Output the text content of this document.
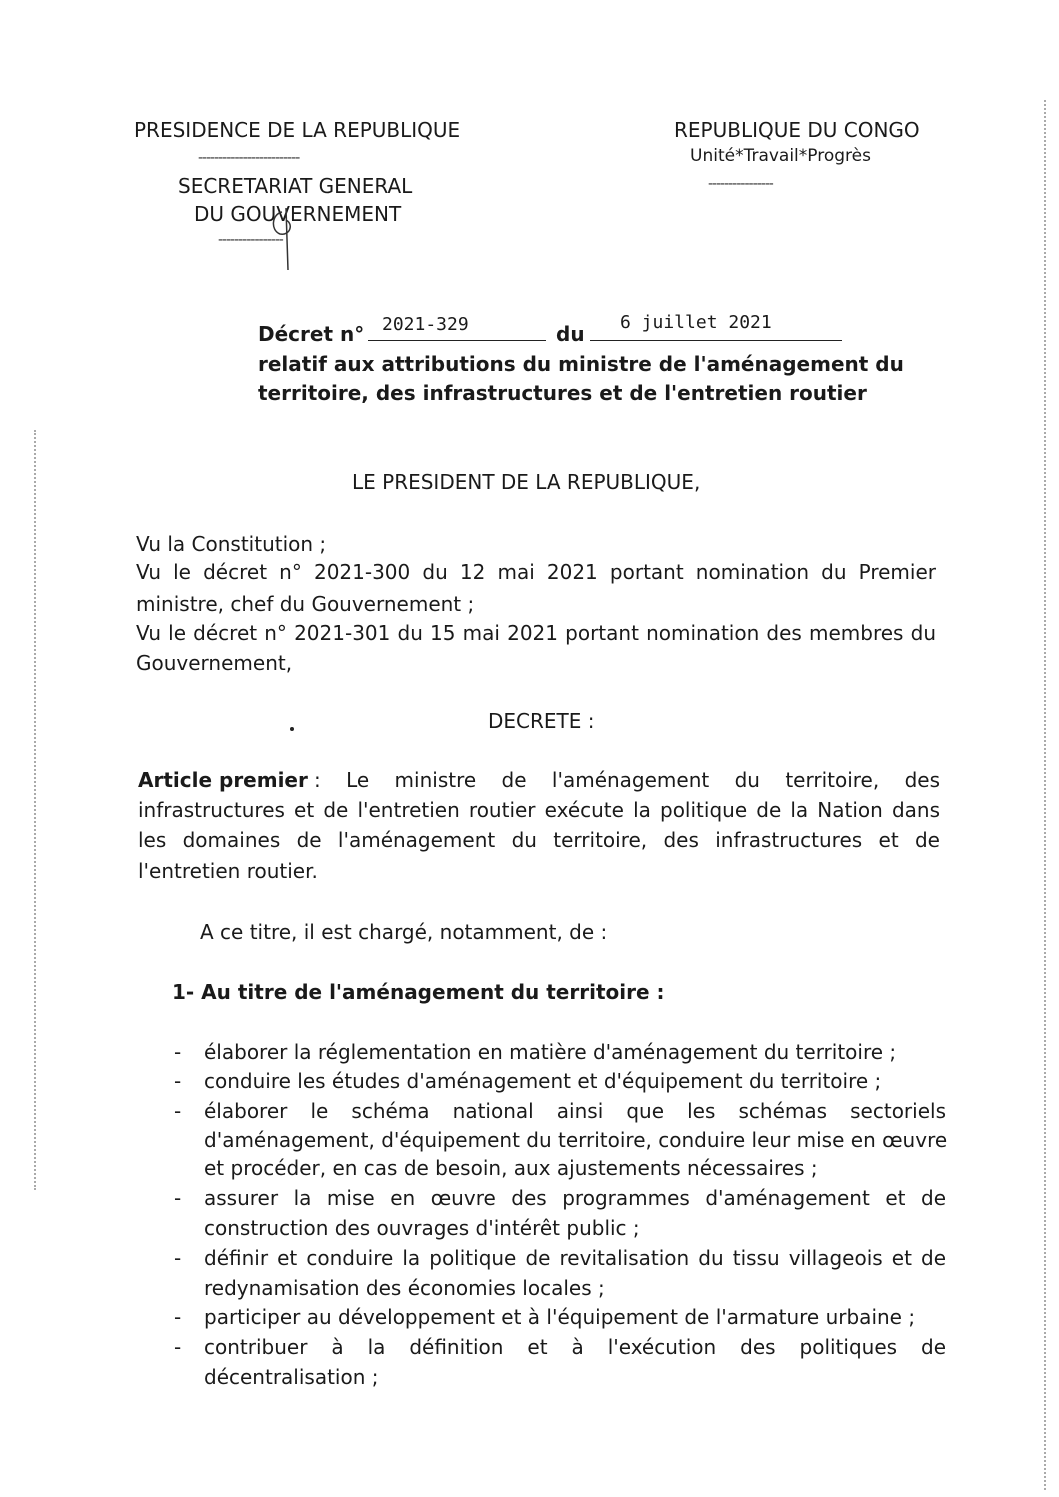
PRESIDENCE DE LA REPUBLIQUE
-------------------------
SECRETARIAT GENERAL
DU GOUVERNEMENT
----------------
REPUBLIQUE DU CONGO
Unité*Travail*Progrès
----------------
Décret n° 2021-329	du 6 juillet 2021
relatif aux attributions du ministre de l'aménagement du
territoire, des infrastructures et de l'entretien routier
LE PRESIDENT DE LA REPUBLIQUE,
Vu la Constitution ;
Vu le décret n° 2021-300 du 12 mai 2021 portant nomination du Premier
ministre, chef du Gouvernement ;
Vu le décret n° 2021-301 du 15 mai 2021 portant nomination des membres du
Gouvernement,
DECRETE :
Article premier : Le ministre de l'aménagement du territoire, des
infrastructures et de l'entretien routier exécute la politique de la Nation dans
les domaines de l'aménagement du territoire, des infrastructures et de
l'entretien routier.
A ce titre, il est chargé, notamment, de :
1- Au titre de l'aménagement du territoire :
- élaborer la réglementation en matière d'aménagement du territoire ;
- conduire les études d'aménagement et d'équipement du territoire ;
- élaborer le schéma national ainsi que les schémas sectoriels
d'aménagement, d'équipement du territoire, conduire leur mise en œuvre
et procéder, en cas de besoin, aux ajustements nécessaires ;
- assurer la mise en œuvre des programmes d'aménagement et de
construction des ouvrages d'intérêt public ;
- définir et conduire la politique de revitalisation du tissu villageois et de
redynamisation des économies locales ;
- participer au développement et à l'équipement de l'armature urbaine ;
- contribuer à la définition et à l'exécution des politiques de
décentralisation ;
